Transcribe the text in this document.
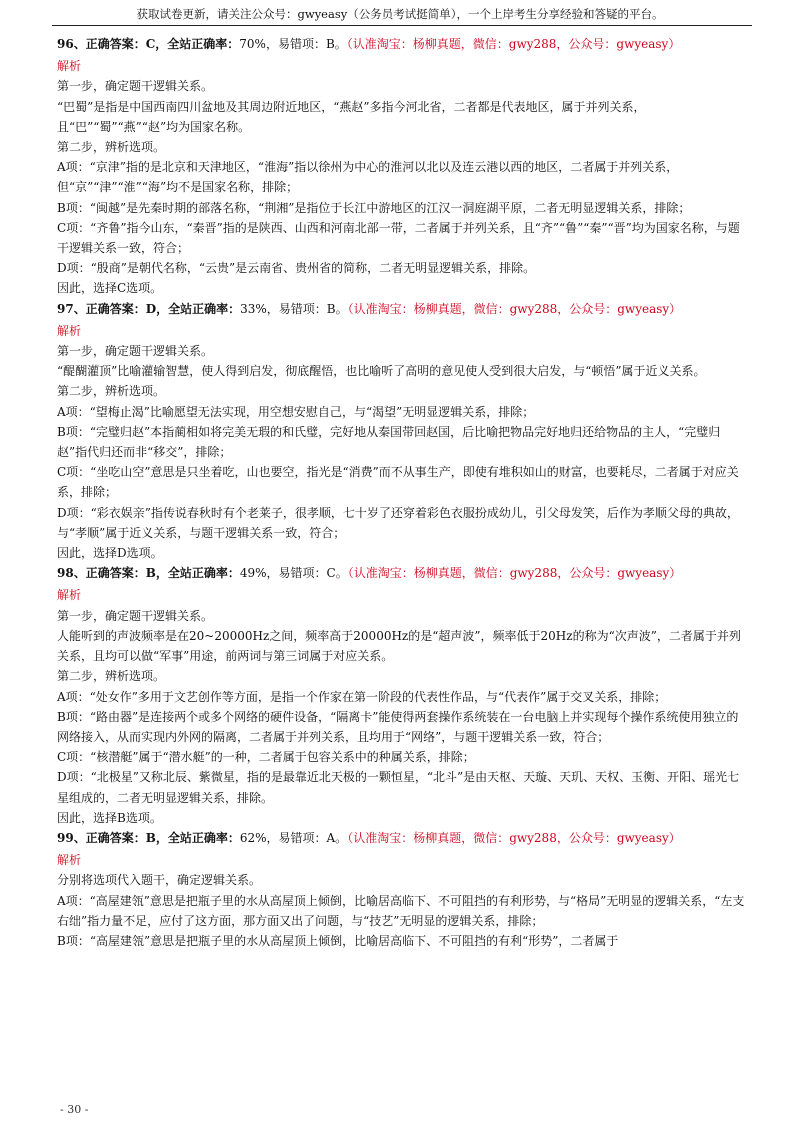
获取试卷更新，请关注公众号：gwyeasy（公务员考试挺简单），一个上岸考生分享经验和答疑的平台。

96、正确答案：C，全站正确率：70%，易错项：B。（认准淘宝：杨柳真题，微信：gwy288，公众号：gwyeasy）

解析

第一步，确定题干逻辑关系。

“巴蜀”是指是中国西南四川盆地及其周边附近地区，“燕赵”多指今河北省，二者都是代表地区，属于并列关系，且“巴”“蜀”“燕”“赵”均为国家名称。

第二步，辨析选项。

A项：“京津”指的是北京和天津地区，“淮海”指以徐州为中心的淮河以北以及连云港以西的地区，二者属于并列关系，但“京”“津”“淮”“海”均不是国家名称，排除；

B项：“闽越”是先秦时期的部落名称，“荆湘”是指位于长江中游地区的江汉一洞庭湖平原，二者无明显逻辑关系，排除；

C项：“齐鲁”指今山东，“秦晋”指的是陕西、山西和河南北部一带，二者属于并列关系，且“齐”“鲁”“秦”“晋”均为国家名称，与题干逻辑关系一致，符合；

D项：“殷商”是朝代名称，“云贵”是云南省、贵州省的简称，二者无明显逻辑关系，排除。

因此，选择C选项。

97、正确答案：D，全站正确率：33%，易错项：B。（认准淘宝：杨柳真题，微信：gwy288，公众号：gwyeasy）

解析

第一步，确定题干逻辑关系。

“醍醐灌顶”比喻灌输智慧，使人得到启发，彻底醒悟，也比喻听了高明的意见使人受到很大启发，与“顿悟”属于近义关系。

第二步，辨析选项。

A项：“望梅止渴”比喻愿望无法实现，用空想安慰自己，与“渴望”无明显逻辑关系，排除；

B项：“完璧归赵”本指蔺相如将完美无瑕的和氏璧，完好地从秦国带回赵国，后比喻把物品完好地归还给物品的主人，“完璧归赵”指代归还而非“移交”，排除；

C项：“坐吃山空”意思是只坐着吃，山也要空，指光是“消费”而不从事生产，即使有堆积如山的财富，也要耗尽，二者属于对应关系，排除；

D项：“彩衣娱亲”指传说春秋时有个老莱子，很孝顺，七十岁了还穿着彩色衣服扮成幼儿，引父母发笑，后作为孝顺父母的典故，与“孝顺”属于近义关系，与题干逻辑关系一致，符合；

因此，选择D选项。

98、正确答案：B，全站正确率：49%，易错项：C。（认准淘宝：杨柳真题，微信：gwy288，公众号：gwyeasy）

解析

第一步，确定题干逻辑关系。

人能听到的声波频率是在20~20000Hz之间，频率高于20000Hz的是“超声波”，频率低于20Hz的称为“次声波”，二者属于并列关系，且均可以做“军事”用途，前两词与第三词属于对应关系。

第二步，辨析选项。

A项：“处女作”多用于文艺创作等方面，是指一个作家在第一阶段的代表性作品，与“代表作”属于交叉关系，排除；

B项：“路由器”是连接两个或多个网络的硬件设备，“隔离卡”能使得两套操作系统装在一台电脑上并实现每个操作系统使用独立的网络接入，从而实现内外网的隔离，二者属于并列关系，且均用于“网络”，与题干逻辑关系一致，符合；

C项：“核潜艇”属于“潜水艇”的一种，二者属于包容关系中的种属关系，排除；

D项：“北极星”又称北辰、紫微星，指的是最靠近北天极的一颗恒星，“北斗”是由天枢、天璇、天玑、天权、玉衡、开阳、瑶光七星组成的，二者无明显逻辑关系，排除。

因此，选择B选项。

99、正确答案：B，全站正确率：62%，易错项：A。（认准淘宝：杨柳真题，微信：gwy288，公众号：gwyeasy）

解析

分别将选项代入题干，确定逻辑关系。

A项：“高屋建瓴”意思是把瓶子里的水从高屋顶上倾倒，比喻居高临下、不可阻挡的有利形势，与“格局”无明显的逻辑关系，“左支右绌”指力量不足，应付了这方面，那方面又出了问题，与“技艺”无明显的逻辑关系，排除；

B项：“高屋建瓴”意思是把瓶子里的水从高屋顶上倾倒，比喻居高临下、不可阻挡的有利“形势”，二者属于

- 30 -
